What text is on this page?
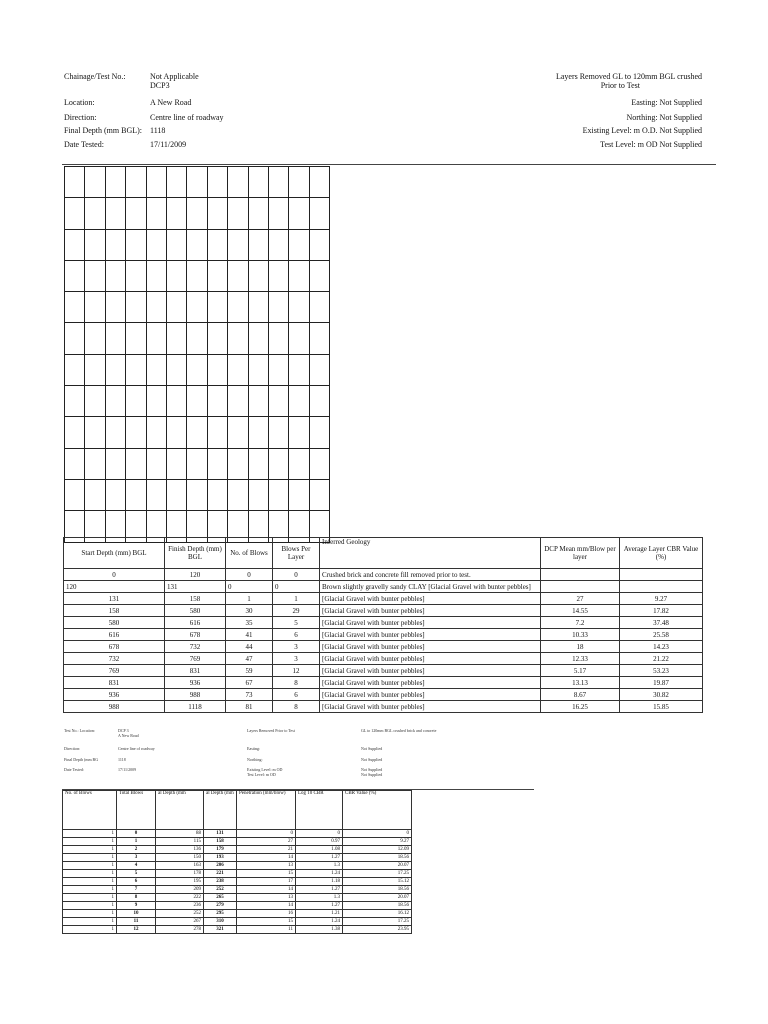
Chainage/Test No.:	Not Applicable
DCP3
Location:	A New Road
Direction:	Centre line of roadway
Final Depth (mm BGL): 1118
Date Tested:	17/11/2009
Layers Removed GL to 120mm BGL crushed
Prior to Test
Easting: Not Supplied
Northing: Not Supplied
Existing Level: m O.D. Not Supplied
Test Level: m OD Not Supplied

Start Depth (mm) BGL	Finish Depth (mm) BGL	No. of Blows	Blows Per Layer	Inferred Geology	DCP Mean mm/Blow per layer	Average Layer CBR Value (%)
0	120	0	0	Crushed brick and concrete fill removed prior to test.		
120	131	0	0	Brown slightly gravelly sandy CLAY [Glacial Gravel with bunter pebbles]		
131	158	1	1	[Glacial Gravel with bunter pebbles]	27	9.27
158	580	30	29	[Glacial Gravel with bunter pebbles]	14.55	17.82
580	616	35	5	[Glacial Gravel with bunter pebbles]	7.2	37.48
616	678	41	6	[Glacial Gravel with bunter pebbles]	10.33	25.58
678	732	44	3	[Glacial Gravel with bunter pebbles]	18	14.23
732	769	47	3	[Glacial Gravel with bunter pebbles]	12.33	21.22
769	831	59	12	[Glacial Gravel with bunter pebbles]	5.17	53.23
831	936	67	8	[Glacial Gravel with bunter pebbles]	13.13	19.87
936	988	73	6	[Glacial Gravel with bunter pebbles]	8.67	30.82
988	1118	81	8	[Glacial Gravel with bunter pebbles]	16.25	15.85
Test No.: Location:	DCP 3
A New Road
Layers Removed Prior to Test	GL to 120mm BGL crushed brick and concrete
Direction:	Centre line of roadway
Final Depth (mm BG	1118
Date Tested:	17/11/2009
Easting:	Not Supplied
Northing:	Not Supplied
Existing Level: m OD	Not Supplied
Test Level: m OD	Not Supplied
No. of Blows	Total Blows	al Depth (mm	al Depth (mm	Penetration (mm/blow)	Log 10 CBR	CBR Value (%)
1	0	88	131	0	0	0
1	1	115	158	27	0.97	9.27
1	2	136	179	21	1.08	12.09
1	3	150	193	14	1.27	18.56
1	4	163	206	13	1.3	20.07
1	5	178	221	15	1.24	17.25
1	6	195	238	17	1.18	15.12
1	7	209	252	14	1.27	18.56
1	8	222	265	13	1.3	20.07
1	9	236	279	14	1.27	18.56
1	10	252	295	16	1.21	16.12
1	11	267	310	15	1.24	17.25
1	12	278	321	11	1.38	23.95
